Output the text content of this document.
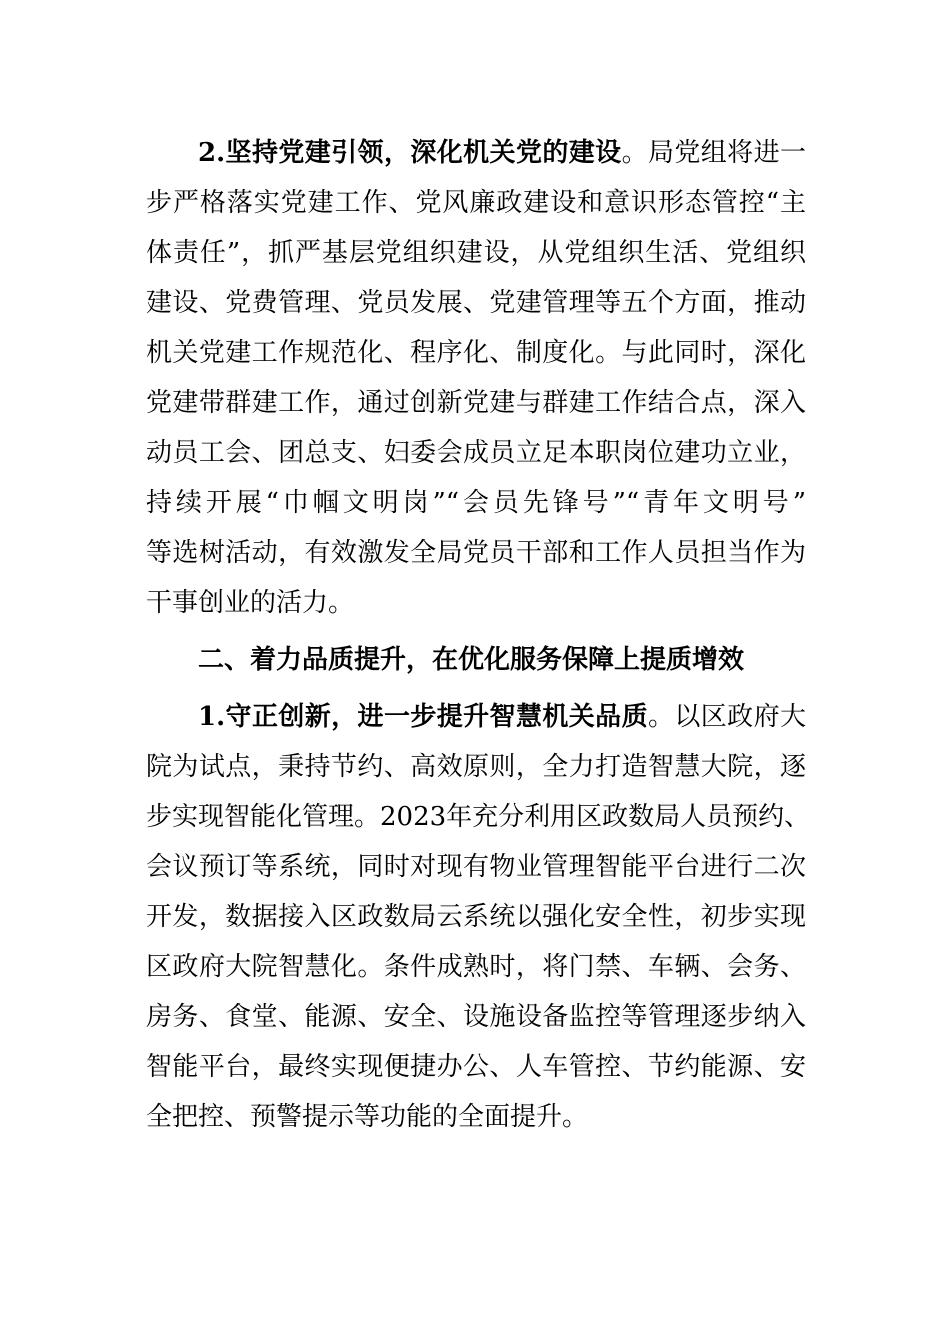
2.坚持党建引领，深化机关党的建设。局党组将进一
步严格落实党建工作、党风廉政建设和意识形态管控“主
体责任”，抓严基层党组织建设，从党组织生活、党组织
建设、党费管理、党员发展、党建管理等五个方面，推动
机关党建工作规范化、程序化、制度化。与此同时，深化
党建带群建工作，通过创新党建与群建工作结合点，深入
动员工会、团总支、妇委会成员立足本职岗位建功立业，
持续开展“巾帼文明岗”“会员先锋号”“青年文明号”
等选树活动，有效激发全局党员干部和工作人员担当作为
干事创业的活力。
二、着力品质提升，在优化服务保障上提质增效
1.守正创新，进一步提升智慧机关品质。以区政府大
院为试点，秉持节约、高效原则，全力打造智慧大院，逐
步实现智能化管理。2023年充分利用区政数局人员预约、
会议预订等系统，同时对现有物业管理智能平台进行二次
开发，数据接入区政数局云系统以强化安全性，初步实现
区政府大院智慧化。条件成熟时，将门禁、车辆、会务、
房务、食堂、能源、安全、设施设备监控等管理逐步纳入
智能平台，最终实现便捷办公、人车管控、节约能源、安
全把控、预警提示等功能的全面提升。
